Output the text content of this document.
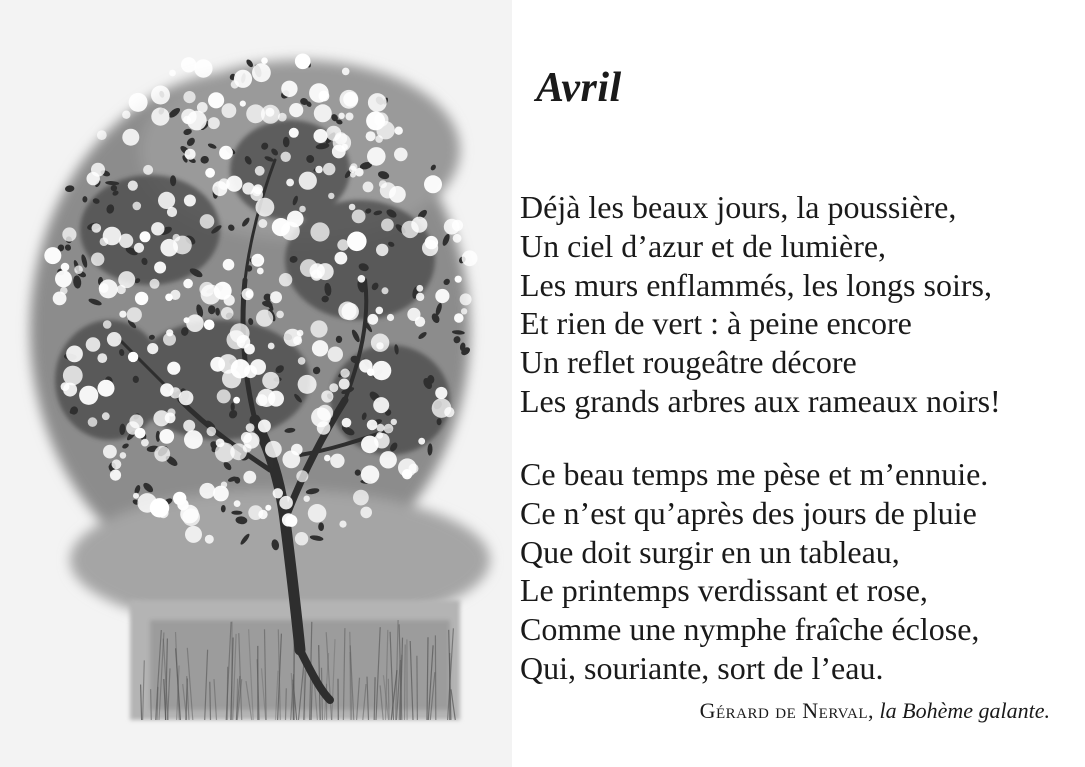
Avril
Déjà les beaux jours, la poussière,
Un ciel d’azur et de lumière,
Les murs enflammés, les longs soirs,
Et rien de vert : à peine encore
Un reflet rougeâtre décore
Les grands arbres aux rameaux noirs!
Ce beau temps me pèse et m’ennuie.
Ce n’est qu’après des jours de pluie
Que doit surgir en un tableau,
Le printemps verdissant et rose,
Comme une nymphe fraîche éclose,
Qui, souriante, sort de l’eau.
Gérard de Nerval, la Bohème galante.
